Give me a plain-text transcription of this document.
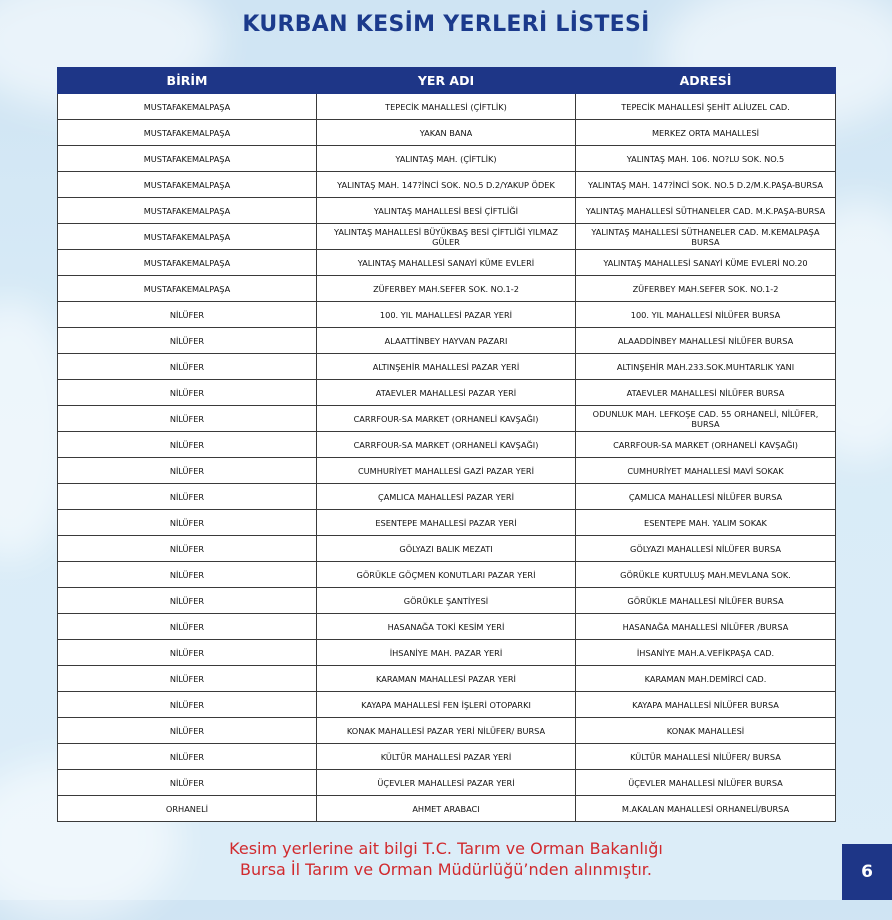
KURBAN KESİM YERLERİ LİSTESİ
BİRİM	YER ADI	ADRESİ
MUSTAFAKEMALPAŞA	TEPECİK MAHALLESİ (ÇİFTLİK)	TEPECİK MAHALLESİ ŞEHİT ALİUZEL CAD.
MUSTAFAKEMALPAŞA	YAKAN BANA	MERKEZ ORTA MAHALLESİ
MUSTAFAKEMALPAŞA	YALINTAŞ MAH. (ÇİFTLİK)	YALINTAŞ MAH. 106. NO?LU SOK. NO.5
MUSTAFAKEMALPAŞA	YALINTAŞ MAH. 147?İNCİ SOK. NO.5 D.2/YAKUP ÖDEK	YALINTAŞ MAH. 147?İNCİ SOK. NO.5 D.2/M.K.PAŞA-BURSA
MUSTAFAKEMALPAŞA	YALINTAŞ MAHALLESİ BESİ ÇİFTLİĞİ	YALINTAŞ MAHALLESİ SÜTHANELER CAD. M.K.PAŞA-BURSA
MUSTAFAKEMALPAŞA	YALINTAŞ MAHALLESİ BÜYÜKBAŞ BESİ ÇİFTLİĞİ YILMAZ GÜLER	YALINTAŞ MAHALLESİ SÜTHANELER CAD. M.KEMALPAŞA BURSA
MUSTAFAKEMALPAŞA	YALINTAŞ MAHALLESİ SANAYİ KÜME EVLERİ	YALINTAŞ MAHALLESİ SANAYİ KÜME EVLERİ NO.20
MUSTAFAKEMALPAŞA	ZÜFERBEY MAH.SEFER SOK. NO.1-2	ZÜFERBEY MAH.SEFER SOK. NO.1-2
NİLÜFER	100. YIL MAHALLESİ PAZAR YERİ	100. YIL MAHALLESİ NİLÜFER BURSA
NİLÜFER	ALAATTİNBEY HAYVAN PAZARI	ALAADDİNBEY MAHALLESİ NİLÜFER BURSA
NİLÜFER	ALTINŞEHİR MAHALLESİ PAZAR YERİ	ALTINŞEHİR MAH.233.SOK.MUHTARLIK YANI
NİLÜFER	ATAEVLER MAHALLESİ PAZAR YERİ	ATAEVLER MAHALLESİ NİLÜFER BURSA
NİLÜFER	CARRFOUR-SA MARKET (ORHANELİ KAVŞAĞI)	ODUNLUK MAH. LEFKOŞE CAD. 55 ORHANELİ, NİLÜFER, BURSA
NİLÜFER	CARRFOUR-SA MARKET (ORHANELİ KAVŞAĞI)	CARRFOUR-SA MARKET (ORHANELİ KAVŞAĞI)
NİLÜFER	CUMHURİYET MAHALLESİ GAZİ PAZAR YERİ	CUMHURİYET MAHALLESİ MAVİ SOKAK
NİLÜFER	ÇAMLICA MAHALLESİ PAZAR YERİ	ÇAMLICA MAHALLESİ NİLÜFER BURSA
NİLÜFER	ESENTEPE MAHALLESİ PAZAR YERİ	ESENTEPE MAH. YALIM SOKAK
NİLÜFER	GÖLYAZI BALIK MEZATI	GÖLYAZI MAHALLESİ NİLÜFER BURSA
NİLÜFER	GÖRÜKLE GÖÇMEN KONUTLARI PAZAR YERİ	GÖRÜKLE KURTULUŞ MAH.MEVLANA SOK.
NİLÜFER	GÖRÜKLE ŞANTİYESİ	GÖRÜKLE MAHALLESİ NİLÜFER BURSA
NİLÜFER	HASANAĞA TOKİ KESİM YERİ	HASANAĞA MAHALLESİ NİLÜFER /BURSA
NİLÜFER	İHSANİYE MAH. PAZAR YERİ	İHSANİYE MAH.A.VEFİKPAŞA CAD.
NİLÜFER	KARAMAN MAHALLESİ PAZAR YERİ	KARAMAN MAH.DEMİRCİ CAD.
NİLÜFER	KAYAPA MAHALLESİ FEN İŞLERİ OTOPARKI	KAYAPA MAHALLESİ NİLÜFER BURSA
NİLÜFER	KONAK MAHALLESİ PAZAR YERİ NİLÜFER/ BURSA	KONAK MAHALLESİ
NİLÜFER	KÜLTÜR MAHALLESİ PAZAR YERİ	KÜLTÜR MAHALLESİ NİLÜFER/ BURSA
NİLÜFER	ÜÇEVLER MAHALLESİ PAZAR YERİ	ÜÇEVLER MAHALLESİ NİLÜFER BURSA
ORHANELİ	AHMET ARABACI	M.AKALAN MAHALLESİ ORHANELİ/BURSA
Kesim yerlerine ait bilgi T.C. Tarım ve Orman Bakanlığı
Bursa İl Tarım ve Orman Müdürlüğü’nden alınmıştır.	6
